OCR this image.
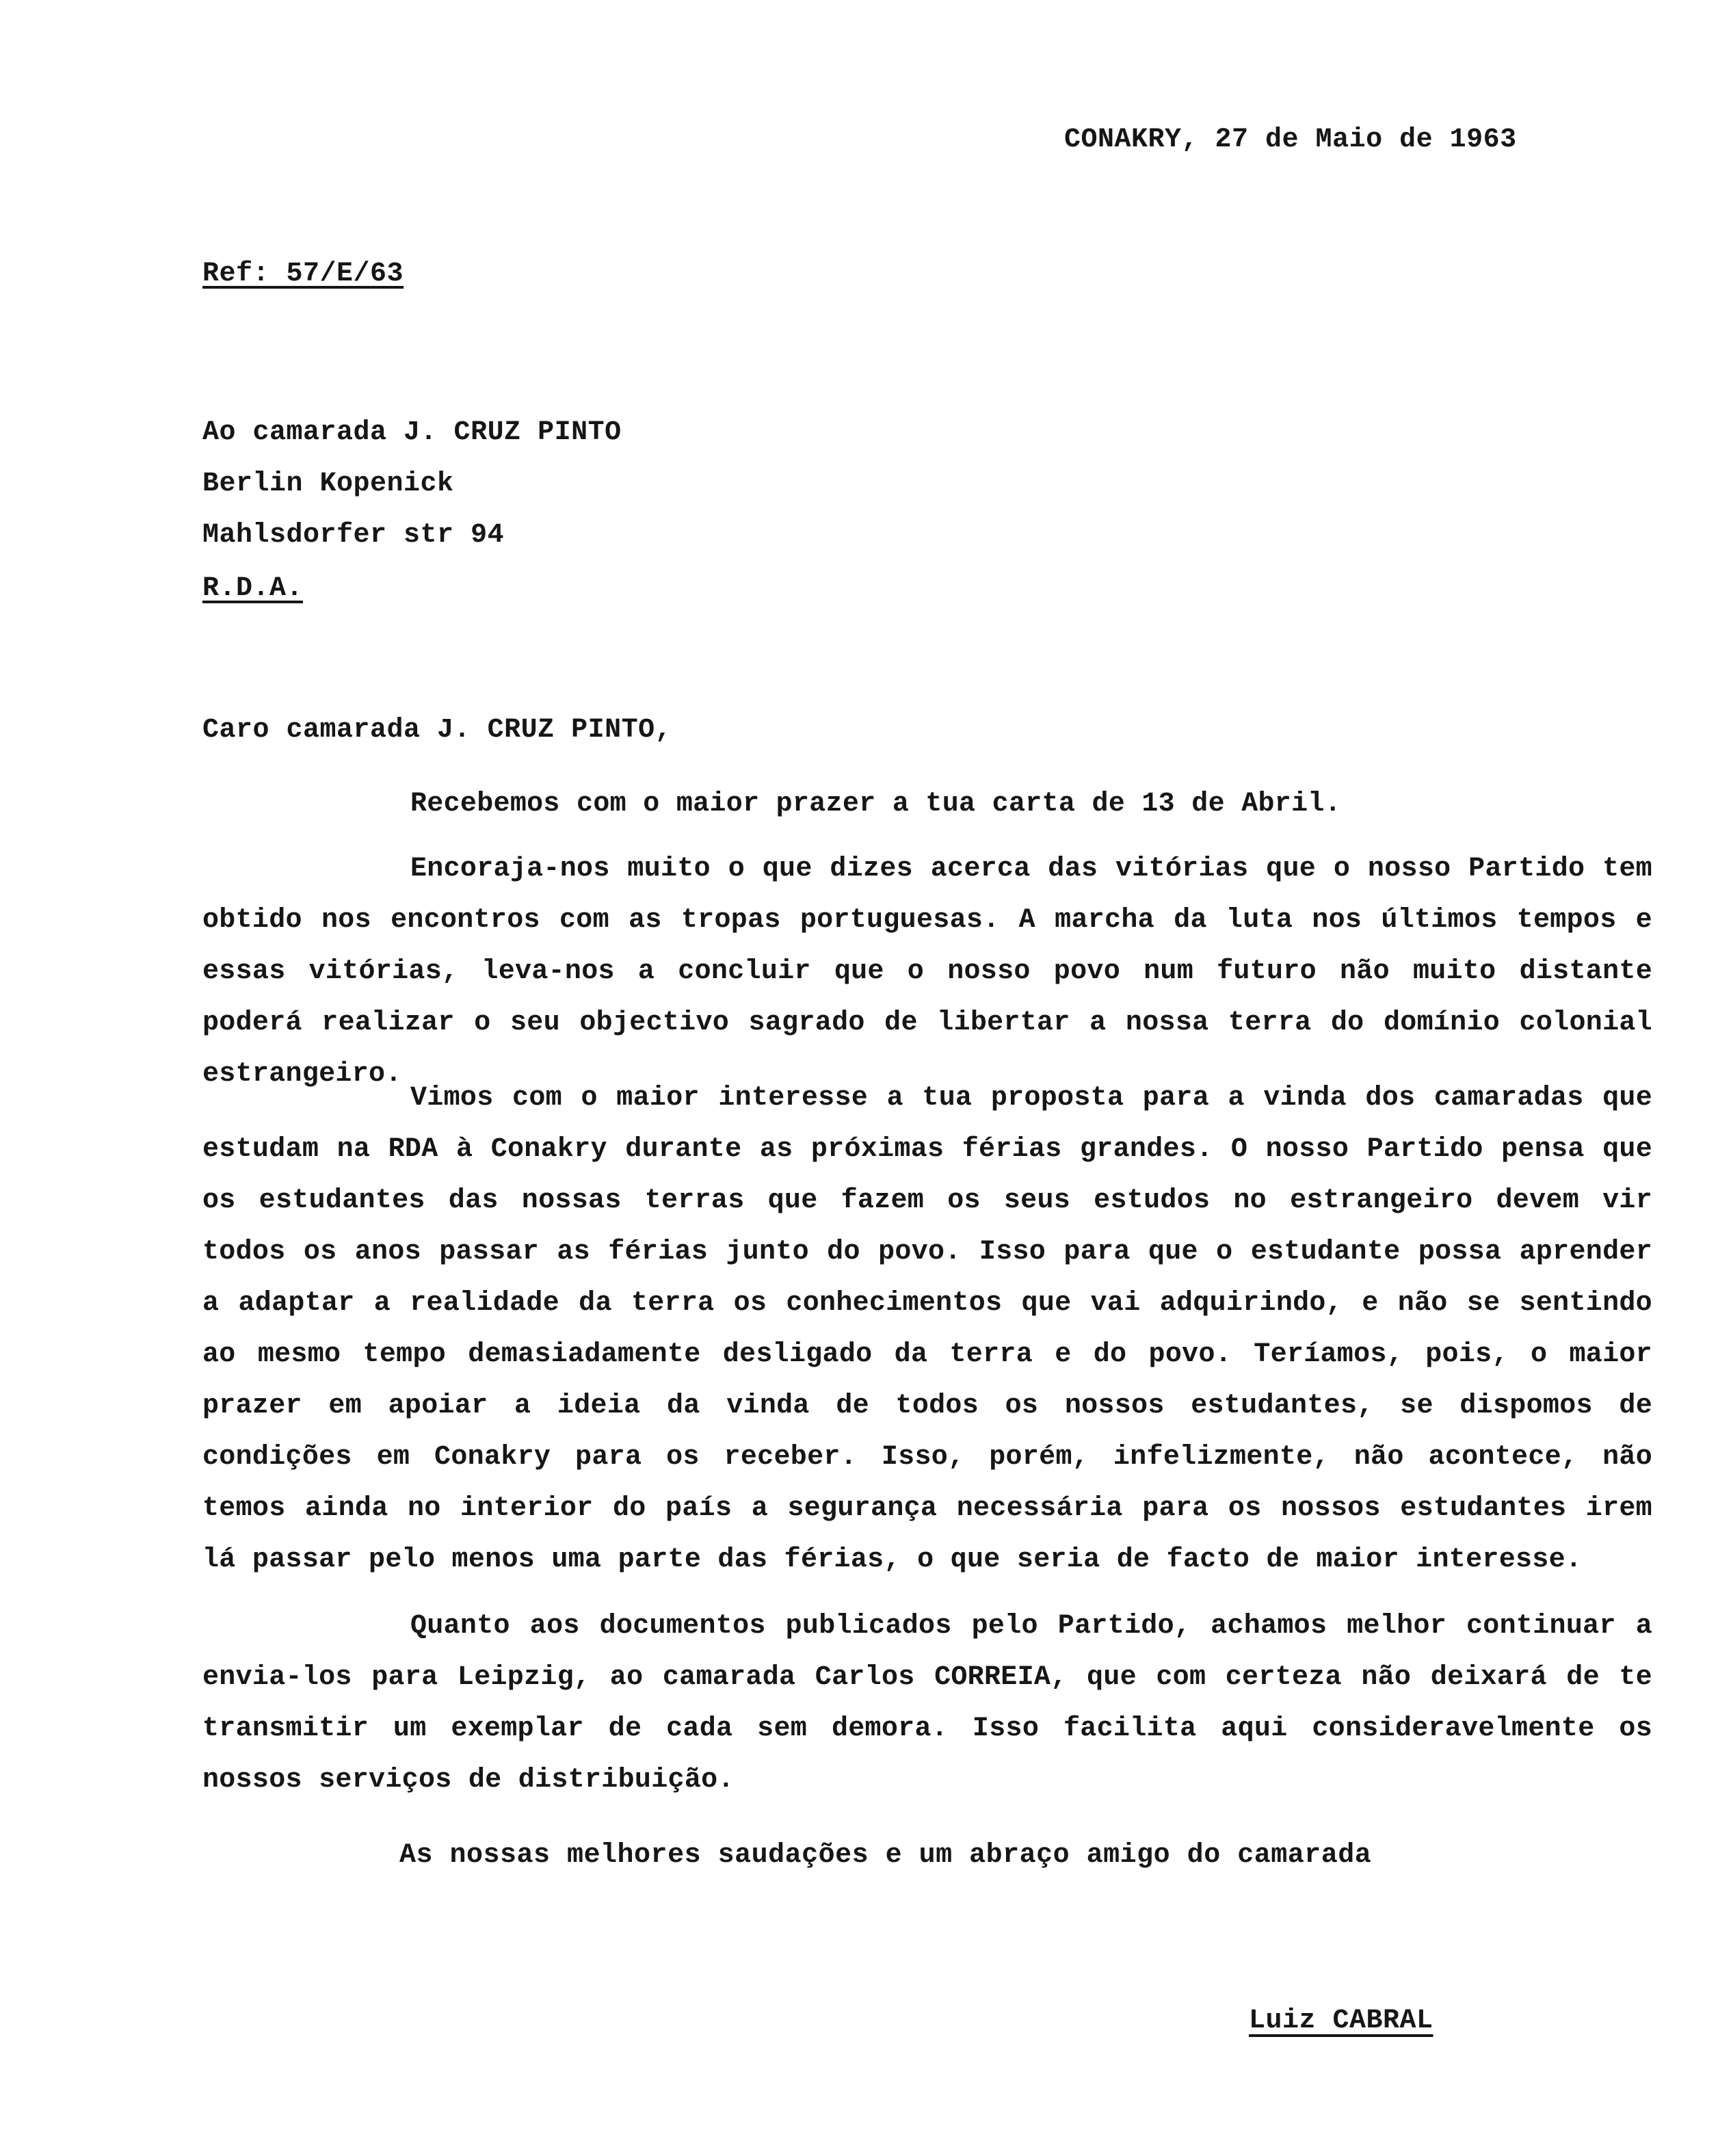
CONAKRY, 27 de Maio de 1963
Ref: 57/E/63
Ao camarada J. CRUZ PINTO
Berlin Kopenick
Mahlsdorfer str 94
R.D.A.
Caro camarada J. CRUZ PINTO,

Recebemos com o maior prazer a tua carta de 13 de Abril.

Encoraja-nos muito o que dizes acerca das vitórias que o nosso Partido tem obtido nos encontros com as tropas portuguesas. A marcha da luta nos últimos tempos e essas vitórias, leva-nos a concluir que o nosso povo num futuro não muito distante poderá realizar o seu objectivo sagrado de libertar a nossa terra do domínio colonial estrangeiro.

Vimos com o maior interesse a tua proposta para a vinda dos camaradas que estudam na RDA à Conakry durante as próximas férias grandes. O nosso Partido pensa que os estudantes das nossas terras que fazem os seus estudos no estrangeiro devem vir todos os anos passar as férias junto do povo. Isso para que o estudante possa aprender a adaptar a realidade da terra os conhecimentos que vai adquirindo, e não se sentindo ao mesmo tempo demasiadamente desligado da terra e do povo. Teríamos, pois, o maior prazer em apoiar a ideia da vinda de todos os nossos estudantes, se dispomos de condições em Conakry para os receber. Isso, porém, infelizmente, não acontece, não temos ainda no interior do país a segurança necessária para os nossos estudantes irem lá passar pelo menos uma parte das férias, o que seria de facto de maior interesse.

Quanto aos documentos publicados pelo Partido, achamos melhor continuar a envia-los para Leipzig, ao camarada Carlos CORREIA, que com certeza não deixará de te transmitir um exemplar de cada sem demora. Isso facilita aqui consideravelmente os nossos serviços de distribuição.

As nossas melhores saudações e um abraço amigo do camarada
Luiz CABRAL
